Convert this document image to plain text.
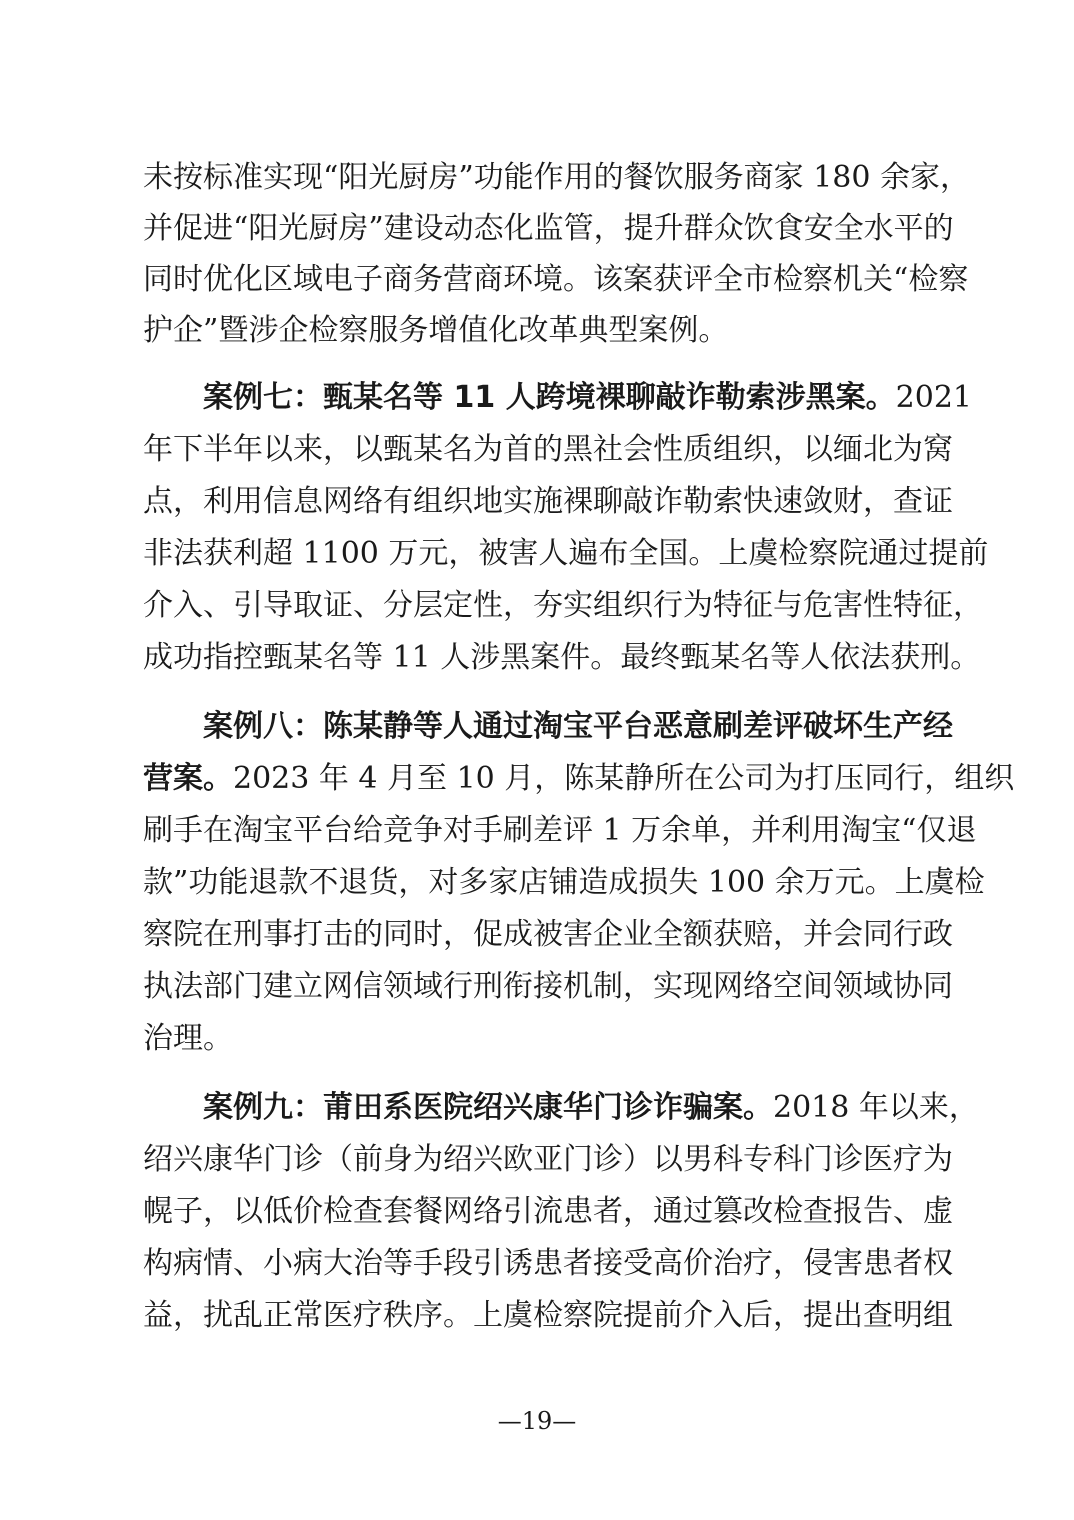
未按标准实现“阳光厨房”功能作用的餐饮服务商家 180 余家，
并促进“阳光厨房”建设动态化监管，提升群众饮食安全水平的
同时优化区域电子商务营商环境。该案获评全市检察机关“检察
护企”暨涉企检察服务增值化改革典型案例。
案例七：甄某名等 11 人跨境裸聊敲诈勒索涉黑案。2021
年下半年以来，以甄某名为首的黑社会性质组织，以缅北为窝
点，利用信息网络有组织地实施裸聊敲诈勒索快速敛财，查证
非法获利超 1100 万元，被害人遍布全国。上虞检察院通过提前
介入、引导取证、分层定性，夯实组织行为特征与危害性特征，
成功指控甄某名等 11 人涉黑案件。最终甄某名等人依法获刑。
案例八：陈某静等人通过淘宝平台恶意刷差评破坏生产经
营案。2023 年 4 月至 10 月，陈某静所在公司为打压同行，组织
刷手在淘宝平台给竞争对手刷差评 1 万余单，并利用淘宝“仅退
款”功能退款不退货，对多家店铺造成损失 100 余万元。上虞检
察院在刑事打击的同时，促成被害企业全额获赔，并会同行政
执法部门建立网信领域行刑衔接机制，实现网络空间领域协同
治理。
案例九：莆田系医院绍兴康华门诊诈骗案。2018 年以来，
绍兴康华门诊（前身为绍兴欧亚门诊）以男科专科门诊医疗为
幌子，以低价检查套餐网络引流患者，通过篡改检查报告、虚
构病情、小病大治等手段引诱患者接受高价治疗，侵害患者权
益，扰乱正常医疗秩序。上虞检察院提前介入后，提出查明组
—19—
